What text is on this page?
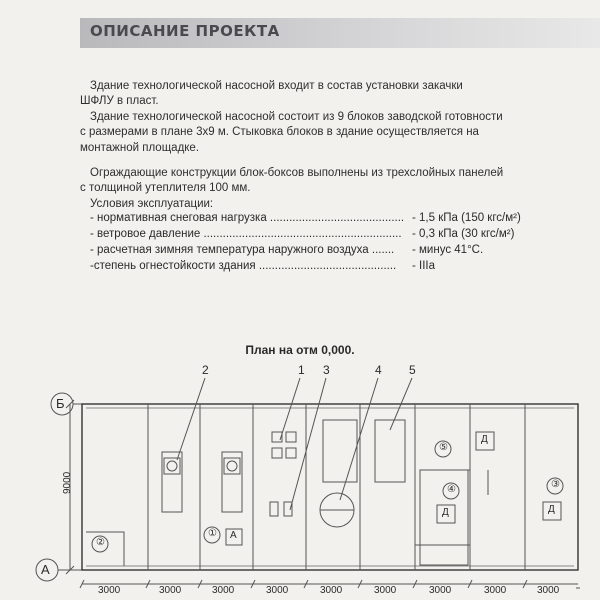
ОПИСАНИЕ ПРОЕКТА
Здание технологической насосной входит в состав установки закачки
ШФЛУ в пласт.
Здание технологической насосной состоит из 9 блоков заводской готовности
с размерами в плане 3х9 м. Стыковка блоков в здание осуществляется на
монтажной площадке.
Ограждающие конструкции блок-боксов выполнены из трехслойных панелей
с толщиной утеплителя 100 мм.
Условия эксплуатации:
- нормативная снеговая нагрузка .......................................... - 1,5 кПа (150 кгс/м²)
- ветровое давление .............................................................. - 0,3 кПа (30 кгс/м²)
- расчетная зимняя температура наружного воздуха ....... - минус 41°С.
-степень огнестойкости здания ........................................... - IIIa
План на отм 0,000.
Б
А
9000
2	1 3	4 5
②
① А
⑤
Д
④
Д
③
Д
3000	3000	3000	3000	3000	3000	3000	3000	3000
